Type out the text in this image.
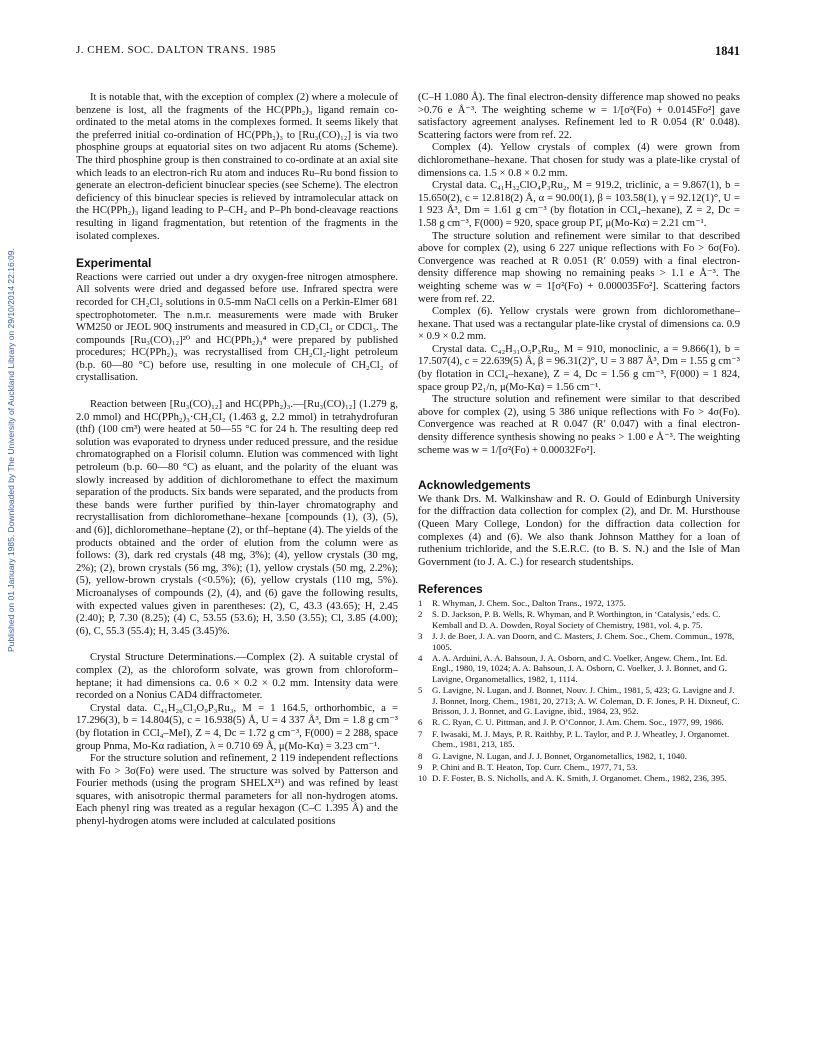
J. CHEM. SOC. DALTON TRANS. 1985	1841
Published on 01 January 1985. Downloaded by The University of Auckland Library on 29/10/2014 22:16:09.

It is notable that, with the exception of complex (2) where a molecule of benzene is lost, all the fragments of the HC(PPh₂)₃ ligand remain co-ordinated to the metal atoms in the complexes formed. It seems likely that the preferred initial co-ordination of HC(PPh₂)₃ to [Ru₃(CO)₁₂] is via two phosphine groups at equatorial sites on two adjacent Ru atoms (Scheme). The third phosphine group is then constrained to co-ordinate at an axial site which leads to an electron-rich Ru atom and induces Ru–Ru bond fission to generate an electron-deficient binuclear species (see Scheme). The electron deficiency of this binuclear species is relieved by intramolecular attack on the HC(PPh₂)₃ ligand leading to P–CH₂ and P–Ph bond-cleavage reactions resulting in ligand fragmentation, but retention of the fragments in the isolated complexes.

Experimental

Reactions were carried out under a dry oxygen-free nitrogen atmosphere. All solvents were dried and degassed before use. Infrared spectra were recorded for CH₂Cl₂ solutions in 0.5-mm NaCl cells on a Perkin-Elmer 681 spectrophotometer. The n.m.r. measurements were made with Bruker WM250 or JEOL 90Q instruments and measured in CD₂Cl₂ or CDCl₃. The compounds [Ru₃(CO)₁₂]²⁰ and HC(PPh₂)₃⁴ were prepared by published procedures; HC(PPh₂)₃ was recrystallised from CH₂Cl₂-light petroleum (b.p. 60—80 °C) before use, resulting in one molecule of CH₂Cl₂ of crystallisation.

Reaction between [Ru₃(CO)₁₂] and HC(PPh₂)₃.—[Ru₃(CO)₁₂] (1.279 g, 2.0 mmol) and HC(PPh₂)₃·CH₂Cl₂ (1.463 g, 2.2 mmol) in tetrahydrofuran (thf) (100 cm³) were heated at 50—55 °C for 24 h. The resulting deep red solution was evaporated to dryness under reduced pressure, and the residue chromatographed on a Florisil column. Elution was commenced with light petroleum (b.p. 60—80 °C) as eluant, and the polarity of the eluant was slowly increased by addition of dichloromethane to effect the maximum separation of the products. Six bands were separated, and the products from these bands were further purified by thin-layer chromatography and recrystallisation from dichloromethane–hexane [compounds (1), (3), (5), and (6)], dichloromethane–heptane (2), or thf–heptane (4). The yields of the products obtained and the order of elution from the column were as follows: (3), dark red crystals (48 mg, 3%); (4), yellow crystals (30 mg, 2%); (2), brown crystals (56 mg, 3%); (1), yellow crystals (50 mg, 2.2%); (5), yellow-brown crystals (<0.5%); (6), yellow crystals (110 mg, 5%). Microanalyses of compounds (2), (4), and (6) gave the following results, with expected values given in parentheses: (2), C, 43.3 (43.65); H, 2.45 (2.40); P, 7.30 (8.25); (4) C, 53.55 (53.6); H, 3.50 (3.55); Cl, 3.85 (4.00); (6), C, 55.3 (55.4); H, 3.45 (3.45)%.

Crystal Structure Determinations.—Complex (2). A suitable crystal of complex (2), as the chloroform solvate, was grown from chloroform–heptane; it had dimensions ca. 0.6 × 0.2 × 0.2 mm. Intensity data were recorded on a Nonius CAD4 diffractometer.

Crystal data. C₄₁H₂₆Cl₃O₉P₃Ru₃, M = 1 164.5, orthorhombic, a = 17.296(3), b = 14.804(5), c = 16.938(5) Å, U = 4 337 Å³, Dm = 1.8 g cm⁻³ (by flotation in CCl₄–MeI), Z = 4, Dc = 1.72 g cm⁻³, F(000) = 2 288, space group Pnma, Mo-Kα radiation, λ = 0.710 69 Å, μ(Mo-Kα) = 3.23 cm⁻¹.

For the structure solution and refinement, 2 119 independent reflections with Fo > 3σ(Fo) were used. The structure was solved by Patterson and Fourier methods (using the program SHELX²¹) and was refined by least squares, with anisotropic thermal parameters for all non-hydrogen atoms. Each phenyl ring was treated as a regular hexagon (C–C 1.395 Å) and the phenyl-hydrogen atoms were included at calculated positions

(C–H 1.080 Å). The final electron-density difference map showed no peaks >0.76 e Å⁻³. The weighting scheme w = 1/[σ²(Fo) + 0.0145Fo²] gave satisfactory agreement analyses. Refinement led to R 0.054 (R′ 0.048). Scattering factors were from ref. 22.

Complex (4). Yellow crystals of complex (4) were grown from dichloromethane–hexane. That chosen for study was a plate-like crystal of dimensions ca. 1.5 × 0.8 × 0.2 mm.

Crystal data. C₄₁H₃₂ClO₄P₃Ru₂, M = 919.2, triclinic, a = 9.867(1), b = 15.650(2), c = 12.818(2) Å, α = 90.00(1), β = 103.58(1), γ = 92.12(1)°, U = 1 923 Å³, Dm = 1.61 g cm⁻³ (by flotation in CCl₄–hexane), Z = 2, Dc = 1.58 g cm⁻³, F(000) = 920, space group P1̄, μ(Mo-Kα) = 2.21 cm⁻¹.

The structure solution and refinement were similar to that described above for complex (2), using 6 227 unique reflections with Fo > 6σ(Fo). Convergence was reached at R 0.051 (R′ 0.059) with a final electron-density difference map showing no remaining peaks > 1.1 e Å⁻³. The weighting scheme was w = 1[σ²(Fo) + 0.000035Fo²]. Scattering factors were from ref. 22.

Complex (6). Yellow crystals were grown from dichloromethane–hexane. That used was a rectangular plate-like crystal of dimensions ca. 0.9 × 0.9 × 0.2 mm.

Crystal data. C₄₂H₃₁O₅P₃Ru₂, M = 910, monoclinic, a = 9.866(1), b = 17.507(4), c = 22.639(5) Å, β = 96.31(2)°, U = 3 887 Å³, Dm = 1.55 g cm⁻³ (by flotation in CCl₄–hexane), Z = 4, Dc = 1.56 g cm⁻³, F(000) = 1 824, space group P2₁/n, μ(Mo-Kα) = 1.56 cm⁻¹.

The structure solution and refinement were similar to that described above for complex (2), using 5 386 unique reflections with Fo > 4σ(Fo). Convergence was reached at R 0.047 (R′ 0.047) with a final electron-density difference synthesis showing no peaks > 1.00 e Å⁻³. The weighting scheme was w = 1/[σ²(Fo) + 0.00032Fo²].

Acknowledgements

We thank Drs. M. Walkinshaw and R. O. Gould of Edinburgh University for the diffraction data collection for complex (2), and Dr. M. Hursthouse (Queen Mary College, London) for the diffraction data collection for complexes (4) and (6). We also thank Johnson Matthey for a loan of ruthenium trichloride, and the S.E.R.C. (to B. S. N.) and the Isle of Man Government (to J. A. C.) for research studentships.

References
1	R. Whyman, J. Chem. Soc., Dalton Trans., 1972, 1375.
2	S. D. Jackson, P. B. Wells, R. Whyman, and P. Worthington, in ‘Catalysis,’ eds. C. Kemball and D. A. Dowden, Royal Society of Chemistry, 1981, vol. 4, p. 75.
3	J. J. de Boer, J. A. van Doorn, and C. Masters, J. Chem. Soc., Chem. Commun., 1978, 1005.
4	A. A. Arduini, A. A. Bahsoun, J. A. Osborn, and C. Voelker, Angew. Chem., Int. Ed. Engl., 1980, 19, 1024; A. A. Bahsoun, J. A. Osborn, C. Voelker, J. J. Bonnet, and G. Lavigne, Organometallics, 1982, 1, 1114.
5	G. Lavigne, N. Lugan, and J. Bonnet, Nouv. J. Chim., 1981, 5, 423; G. Lavigne and J. J. Bonnet, Inorg. Chem., 1981, 20, 2713; A. W. Coleman, D. F. Jones, P. H. Dixneuf, C. Brisson, J. J. Bonnet, and G. Lavigne, ibid., 1984, 23, 952.
6	R. C. Ryan, C. U. Pittman, and J. P. O’Connor, J. Am. Chem. Soc., 1977, 99, 1986.
7	F. Iwasaki, M. J. Mays, P. R. Raithby, P. L. Taylor, and P. J. Wheatley, J. Organomet. Chem., 1981, 213, 185.
8	G. Lavigne, N. Lugan, and J. J. Bonnet, Organometallics, 1982, 1, 1040.
9	P. Chini and B. T. Heaton, Top. Curr. Chem., 1977, 71, 53.
10 D. F. Foster, B. S. Nicholls, and A. K. Smith, J. Organomet. Chem., 1982, 236, 395.
